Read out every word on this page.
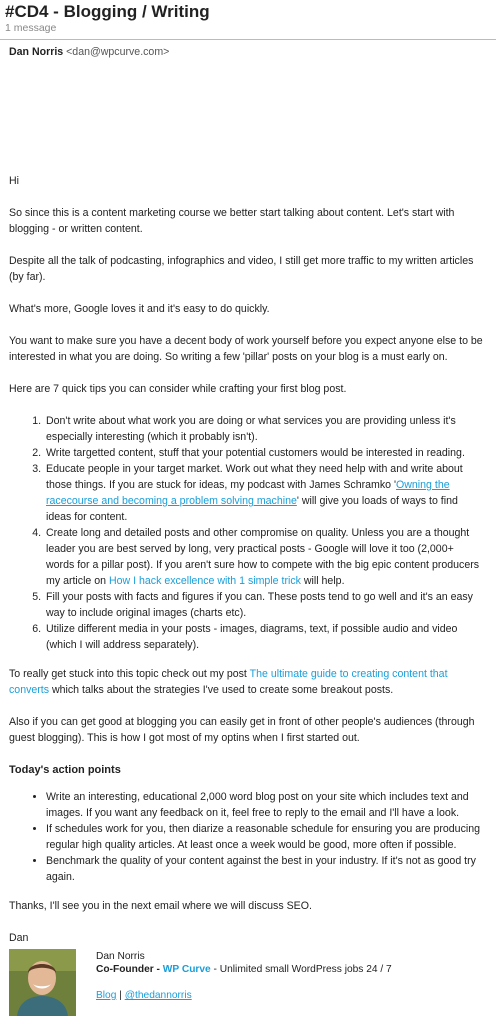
#CD4 - Blogging / Writing
1 message
Dan Norris <dan@wpcurve.com>

Hi

So since this is a content marketing course we better start talking about content. Let's start with blogging - or written content.

Despite all the talk of podcasting, infographics and video, I still get more traffic to my written articles (by far).

What's more, Google loves it and it's easy to do quickly.

You want to make sure you have a decent body of work yourself before you expect anyone else to be interested in what you are doing. So writing a few 'pillar' posts on your blog is a must early on.

Here are 7 quick tips you can consider while crafting your first blog post.

1. Don't write about what work you are doing or what services you are providing unless it's especially interesting (which it probably isn't).
2. Write targetted content, stuff that your potential customers would be interested in reading.
3. Educate people in your target market. Work out what they need help with and write about those things. If you are stuck for ideas, my podcast with James Schramko 'Owning the racecourse and becoming a problem solving machine' will give you loads of ways to find ideas for content.
4. Create long and detailed posts and other compromise on quality. Unless you are a thought leader you are best served by long, very practical posts - Google will love it too (2,000+ words for a pillar post). If you aren't sure how to compete with the big epic content producers my article on How I hack excellence with 1 simple trick will help.
5. Fill your posts with facts and figures if you can. These posts tend to go well and it's an easy way to include original images (charts etc).
6. Utilize different media in your posts - images, diagrams, text, if possible audio and video (which I will address separately).

To really get stuck into this topic check out my post The ultimate guide to creating content that converts which talks about the strategies I've used to create some breakout posts.

Also if you can get good at blogging you can easily get in front of other people's audiences (through guest blogging). This is how I got most of my optins when I first started out.

Today's action points
• Write an interesting, educational 2,000 word blog post on your site which includes text and images. If you want any feedback on it, feel free to reply to the email and I'll have a look.
• If schedules work for you, then diarize a reasonable schedule for ensuring you are producing regular high quality articles. At least once a week would be good, more often if possible.
• Benchmark the quality of your content against the best in your industry. If it's not as good try again.

Thanks, I'll see you in the next email where we will discuss SEO.

Dan
Dan Norris
Co-Founder - WP Curve - Unlimited small WordPress jobs 24 / 7
Blog | @thedannorris
